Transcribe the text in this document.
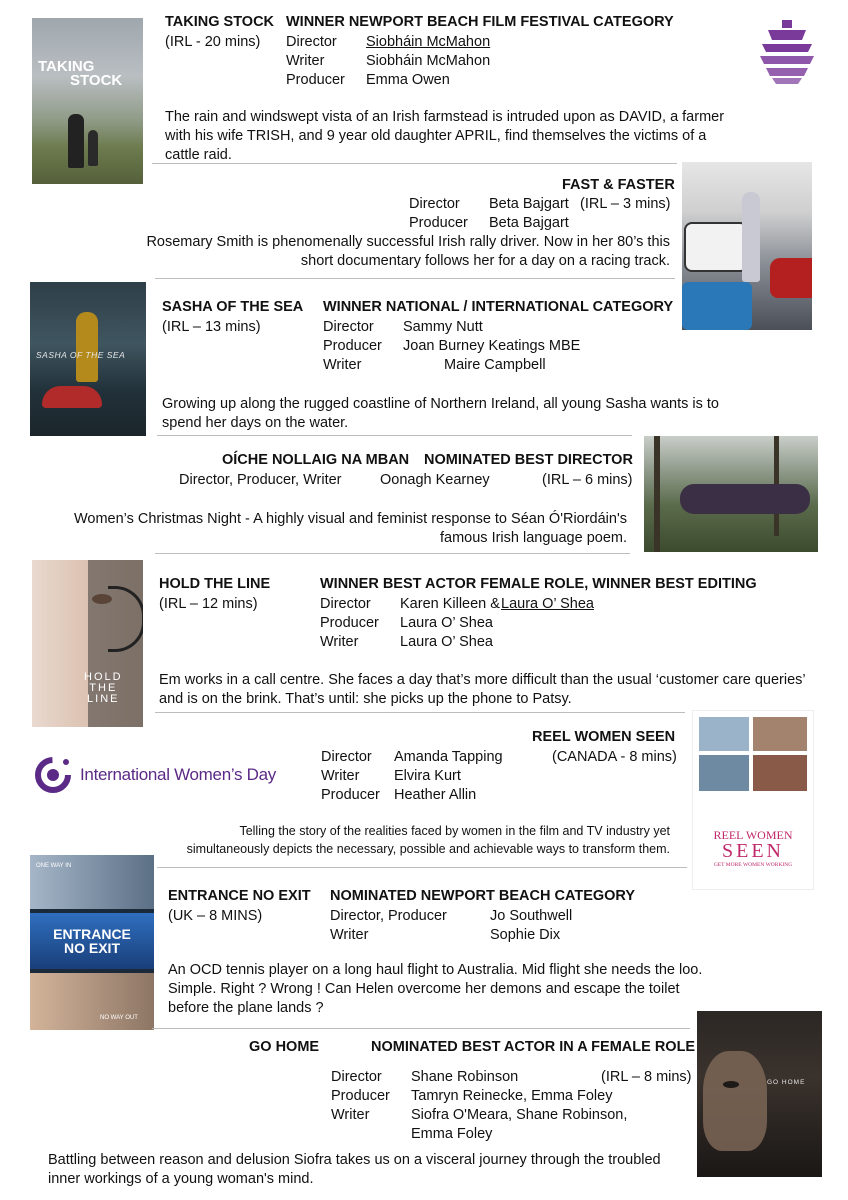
TAKING
STOCK
TAKING STOCK WINNER NEWPORT BEACH FILM FESTIVAL CATEGORY
(IRL - 20 mins) Director Siobháin McMahon
Writer	Siobháin McMahon
Producer Emma Owen
The rain and windswept vista of an Irish farmstead is intruded upon as DAVID, a farmer with his wife TRISH, and 9 year old daughter APRIL, find themselves the victims of a cattle raid.
FAST & FASTER
Director Beta Bajgart (IRL – 3 mins)
Producer Beta Bajgart
Rosemary Smith is phenomenally successful Irish rally driver. Now in her 80’s this short documentary follows her for a day on a racing track.
SASHA OF THE SEA
SASHA OF THE SEA WINNER NATIONAL / INTERNATIONAL CATEGORY
(IRL – 13 mins)	Director Sammy Nutt
Producer Joan Burney Keatings MBE
Writer	Maire Campbell
Growing up along the rugged coastline of Northern Ireland, all young Sasha wants is to spend her days on the water.
OÍCHE NOLLAIG NA MBAN NOMINATED BEST DIRECTOR
Director, Producer, Writer	Oonagh Kearney	(IRL – 6 mins)
Women’s Christmas Night - A highly visual and feminist response to Séan Ó'Riordáin's famous Irish language poem.
HOLD
THE
LINE
HOLD THE LINE	WINNER BEST ACTOR FEMALE ROLE, WINNER BEST EDITING
(IRL – 12 mins)	Director Karen Killeen & Laura O’ Shea
Producer Laura O’ Shea
Writer	Laura O’ Shea
Em works in a call centre. She faces a day that’s more difficult than the usual ‘customer care queries’ and is on the brink. That’s until: she picks up the phone to Patsy.
International Women’s Day
REEL WOMEN SEEN
Director Amanda Tapping	(CANADA - 8 mins)
Writer Elvira Kurt
Producer Heather Allin
Telling the story of the realities faced by women in the film and TV industry yet simultaneously depicts the necessary, possible and achievable ways to transform them.
REEL WOMEN
SEEN
GET MORE WOMEN WORKING
ONE WAY IN
ENTRANCE
NO EXIT
NO WAY OUT
ENTRANCE NO EXIT NOMINATED NEWPORT BEACH CATEGORY
(UK – 8 MINS)	Director, Producer	Jo Southwell
Writer	Sophie Dix
An OCD tennis player on a long haul flight to Australia. Mid flight she needs the loo. Simple. Right ? Wrong ! Can Helen overcome her demons and escape the toilet before the plane lands ?
GO HOME
GO HOME	NOMINATED BEST ACTOR IN A FEMALE ROLE
Director Shane Robinson	(IRL – 8 mins)
Producer Tamryn Reinecke, Emma Foley
Writer	Siofra O'Meara, Shane Robinson,
Emma Foley
Battling between reason and delusion Siofra takes us on a visceral journey through the troubled inner workings of a young woman's mind.
